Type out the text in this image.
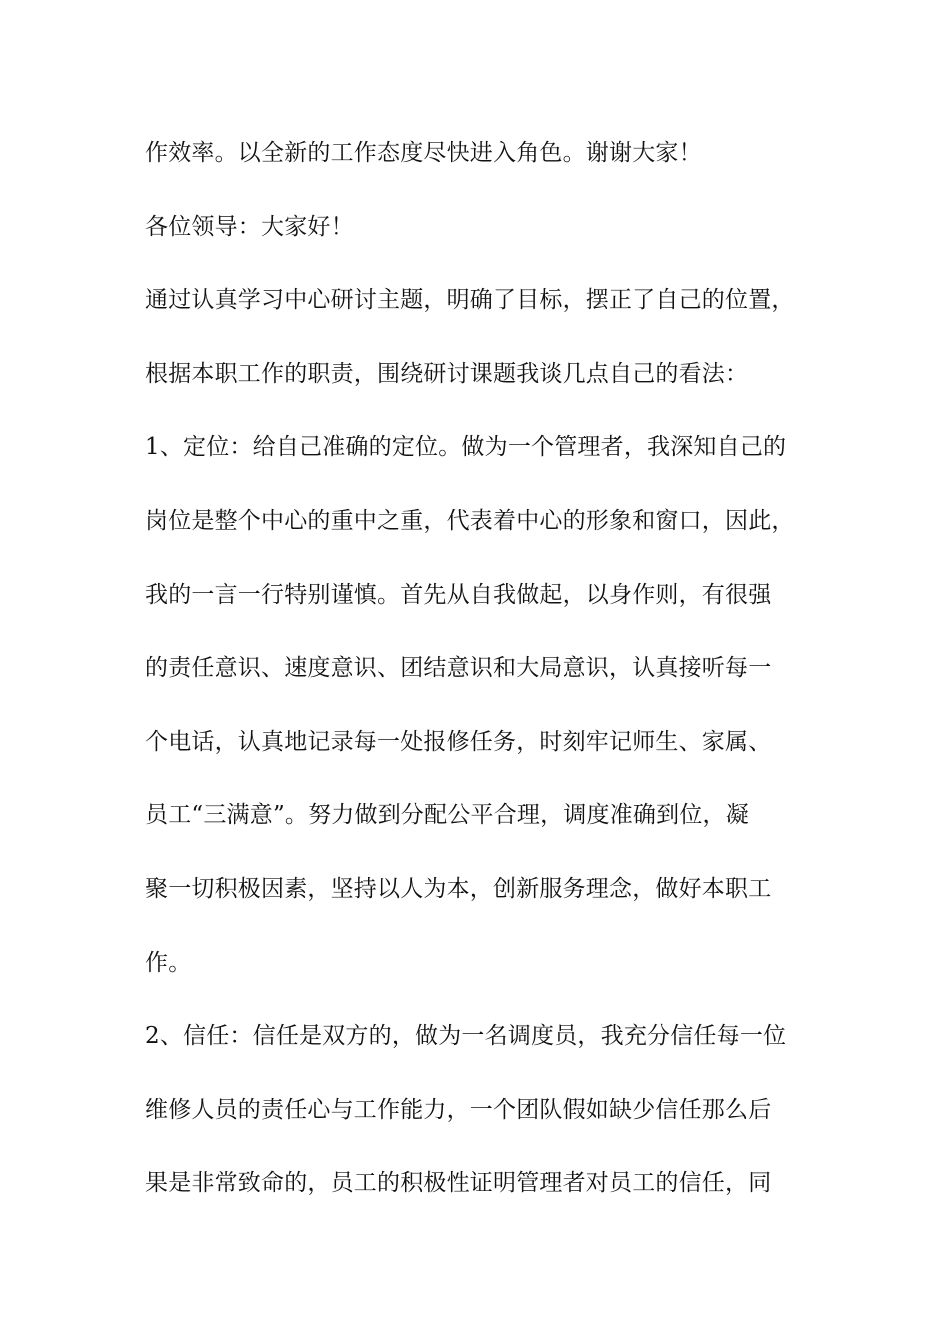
作效率。以全新的工作态度尽快进入角色。谢谢大家！
各位领导：大家好！
通过认真学习中心研讨主题，明确了目标，摆正了自己的位置，
根据本职工作的职责，围绕研讨课题我谈几点自己的看法：
1、定位：给自己准确的定位。做为一个管理者，我深知自己的
岗位是整个中心的重中之重，代表着中心的形象和窗口，因此，
我的一言一行特别谨慎。首先从自我做起，以身作则，有很强
的责任意识、速度意识、团结意识和大局意识，认真接听每一
个电话，认真地记录每一处报修任务，时刻牢记师生、家属、
员工“三满意”。努力做到分配公平合理，调度准确到位，凝
聚一切积极因素，坚持以人为本，创新服务理念，做好本职工
作。
2、信任：信任是双方的，做为一名调度员，我充分信任每一位
维修人员的责任心与工作能力，一个团队假如缺少信任那么后
果是非常致命的，员工的积极性证明管理者对员工的信任，同
